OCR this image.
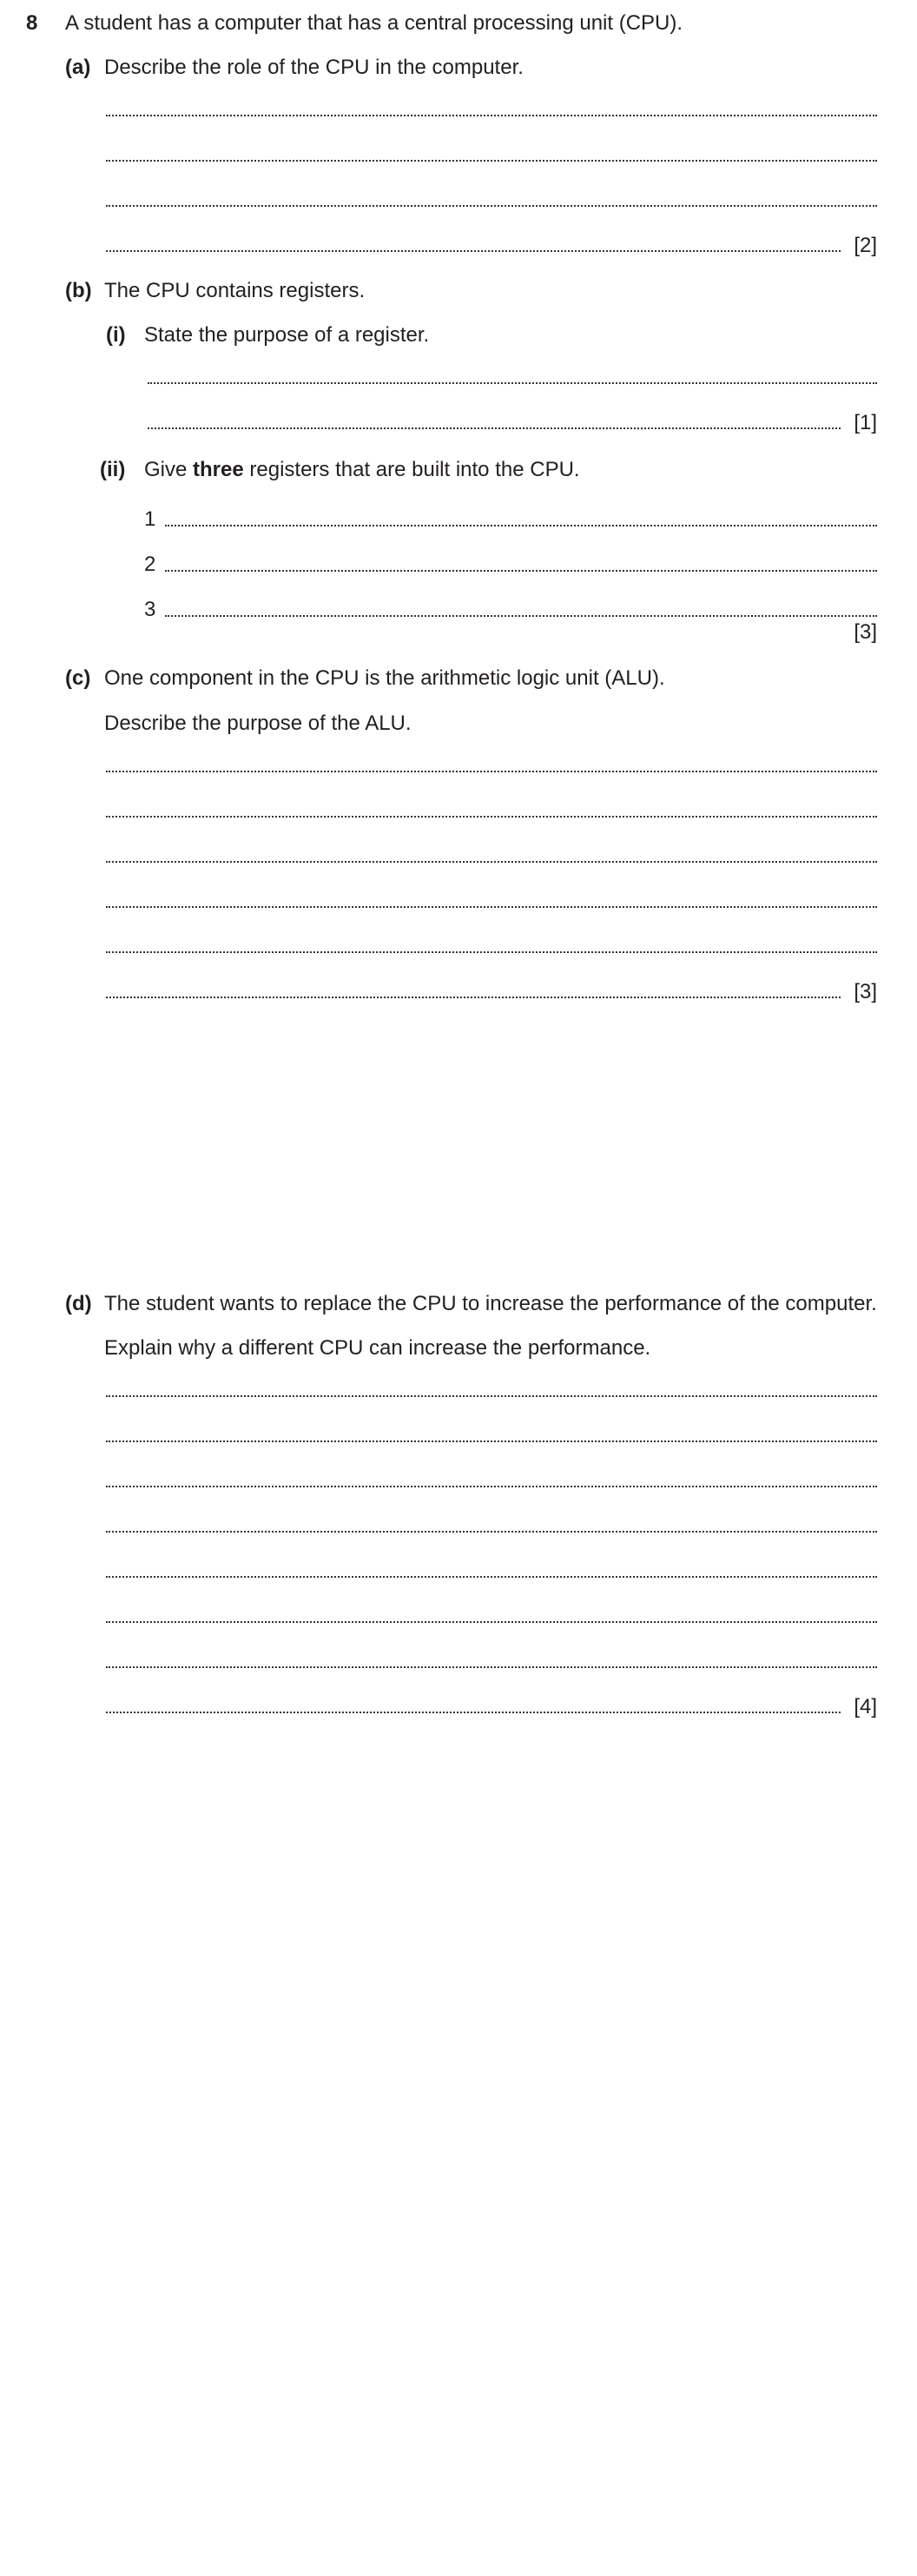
8 A student has a computer that has a central processing unit (CPU).
(a) Describe the role of the CPU in the computer.
[2]
(b) The CPU contains registers.
(i) State the purpose of a register.
[1]
(ii) Give three registers that are built into the CPU.
1
2
3
[3]
(c) One component in the CPU is the arithmetic logic unit (ALU).
Describe the purpose of the ALU.
[3]
(d) The student wants to replace the CPU to increase the performance of the computer.
Explain why a different CPU can increase the performance.
[4]
